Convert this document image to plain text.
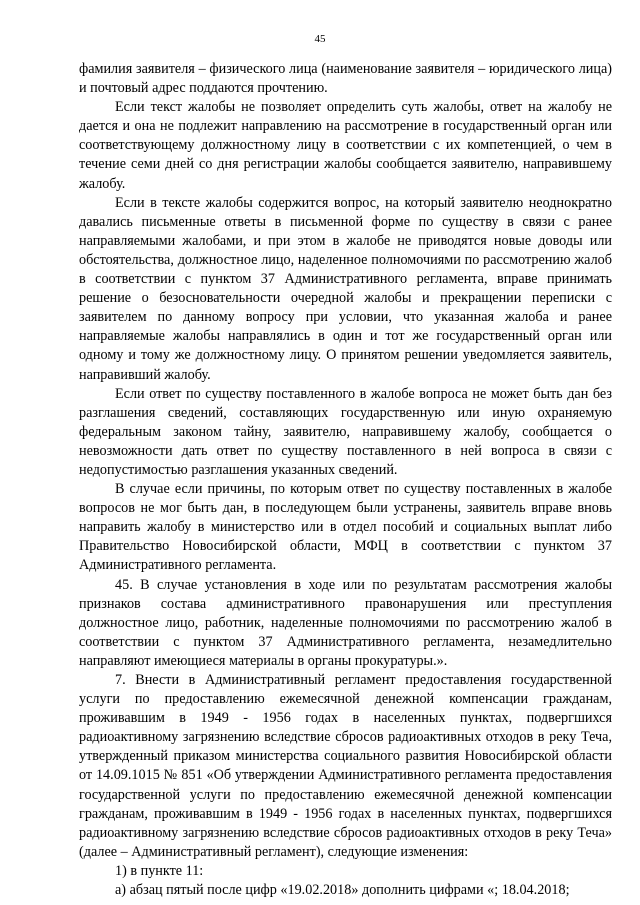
45

фамилия заявителя – физического лица (наименование заявителя – юридического лица) и почтовый адрес поддаются прочтению.

Если текст жалобы не позволяет определить суть жалобы, ответ на жалобу не дается и она не подлежит направлению на рассмотрение в государственный орган или соответствующему должностному лицу в соответствии с их компетенцией, о чем в течение семи дней со дня регистрации жалобы сообщается заявителю, направившему жалобу.

Если в тексте жалобы содержится вопрос, на который заявителю неоднократно давались письменные ответы в письменной форме по существу в связи с ранее направляемыми жалобами, и при этом в жалобе не приводятся новые доводы или обстоятельства, должностное лицо, наделенное полномочиями по рассмотрению жалоб в соответствии с пунктом 37 Административного регламента, вправе принимать решение о безосновательности очередной жалобы и прекращении переписки с заявителем по данному вопросу при условии, что указанная жалоба и ранее направляемые жалобы направлялись в один и тот же государственный орган или одному и тому же должностному лицу. О принятом решении уведомляется заявитель, направивший жалобу.

Если ответ по существу поставленного в жалобе вопроса не может быть дан без разглашения сведений, составляющих государственную или иную охраняемую федеральным законом тайну, заявителю, направившему жалобу, сообщается о невозможности дать ответ по существу поставленного в ней вопроса в связи с недопустимостью разглашения указанных сведений.

В случае если причины, по которым ответ по существу поставленных в жалобе вопросов не мог быть дан, в последующем были устранены, заявитель вправе вновь направить жалобу в министерство или в отдел пособий и социальных выплат либо Правительство Новосибирской области, МФЦ в соответствии с пунктом 37 Административного регламента.

45. В случае установления в ходе или по результатам рассмотрения жалобы признаков состава административного правонарушения или преступления должностное лицо, работник, наделенные полномочиями по рассмотрению жалоб в соответствии с пунктом 37 Административного регламента, незамедлительно направляют имеющиеся материалы в органы прокуратуры.».

7. Внести в Административный регламент предоставления государственной услуги по предоставлению ежемесячной денежной компенсации гражданам, проживавшим в 1949 - 1956 годах в населенных пунктах, подвергшихся радиоактивному загрязнению вследствие сбросов радиоактивных отходов в реку Теча, утвержденный приказом министерства социального развития Новосибирской области от 14.09.1015 № 851 «Об утверждении Административного регламента предоставления государственной услуги по предоставлению ежемесячной денежной компенсации гражданам, проживавшим в 1949 - 1956 годах в населенных пунктах, подвергшихся радиоактивному загрязнению вследствие сбросов радиоактивных отходов в реку Теча» (далее – Административный регламент), следующие изменения:

1) в пункте 11:

а) абзац пятый после цифр «19.02.2018» дополнить цифрами «; 18.04.2018;
